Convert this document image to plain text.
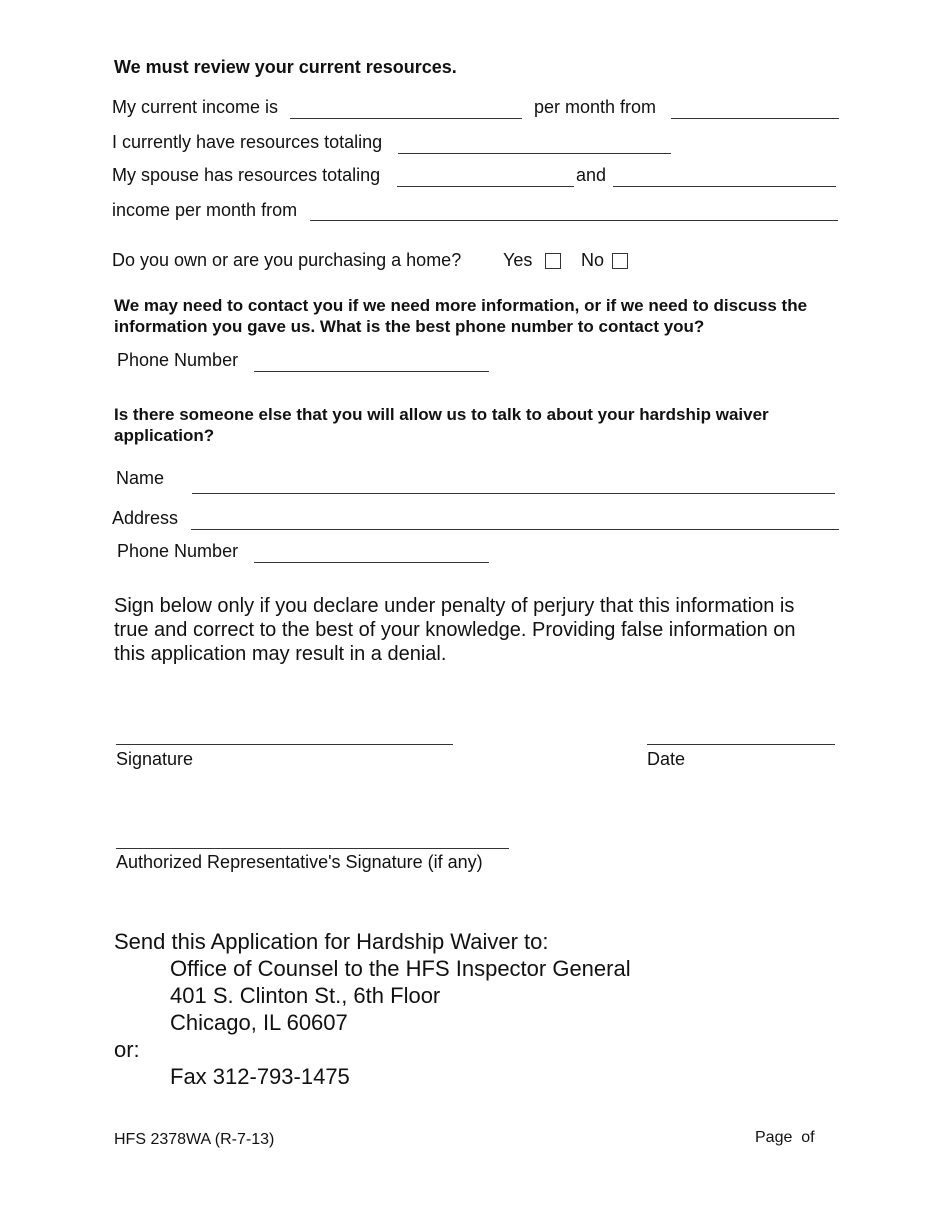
We must review your current resources.
My current income is	per month from
I currently have resources totaling
My spouse has resources totaling	and
income per month from
Do you own or are you purchasing a home? Yes	No
We may need to contact you if we need more information, or if we need to discuss the information you gave us. What is the best phone number to contact you?
Phone Number
Is there someone else that you will allow us to talk to about your hardship waiver application?
Name
Address
Phone Number
Sign below only if you declare under penalty of perjury that this information is true and correct to the best of your knowledge. Providing false information on this application may result in a denial.
Signature	Date
Authorized Representative's Signature (if any)
Send this Application for Hardship Waiver to:
Office of Counsel to the HFS Inspector General
401 S. Clinton St., 6th Floor
Chicago, IL 60607
or:
Fax 312-793-1475
HFS 2378WA (R-7-13)	Page  of
